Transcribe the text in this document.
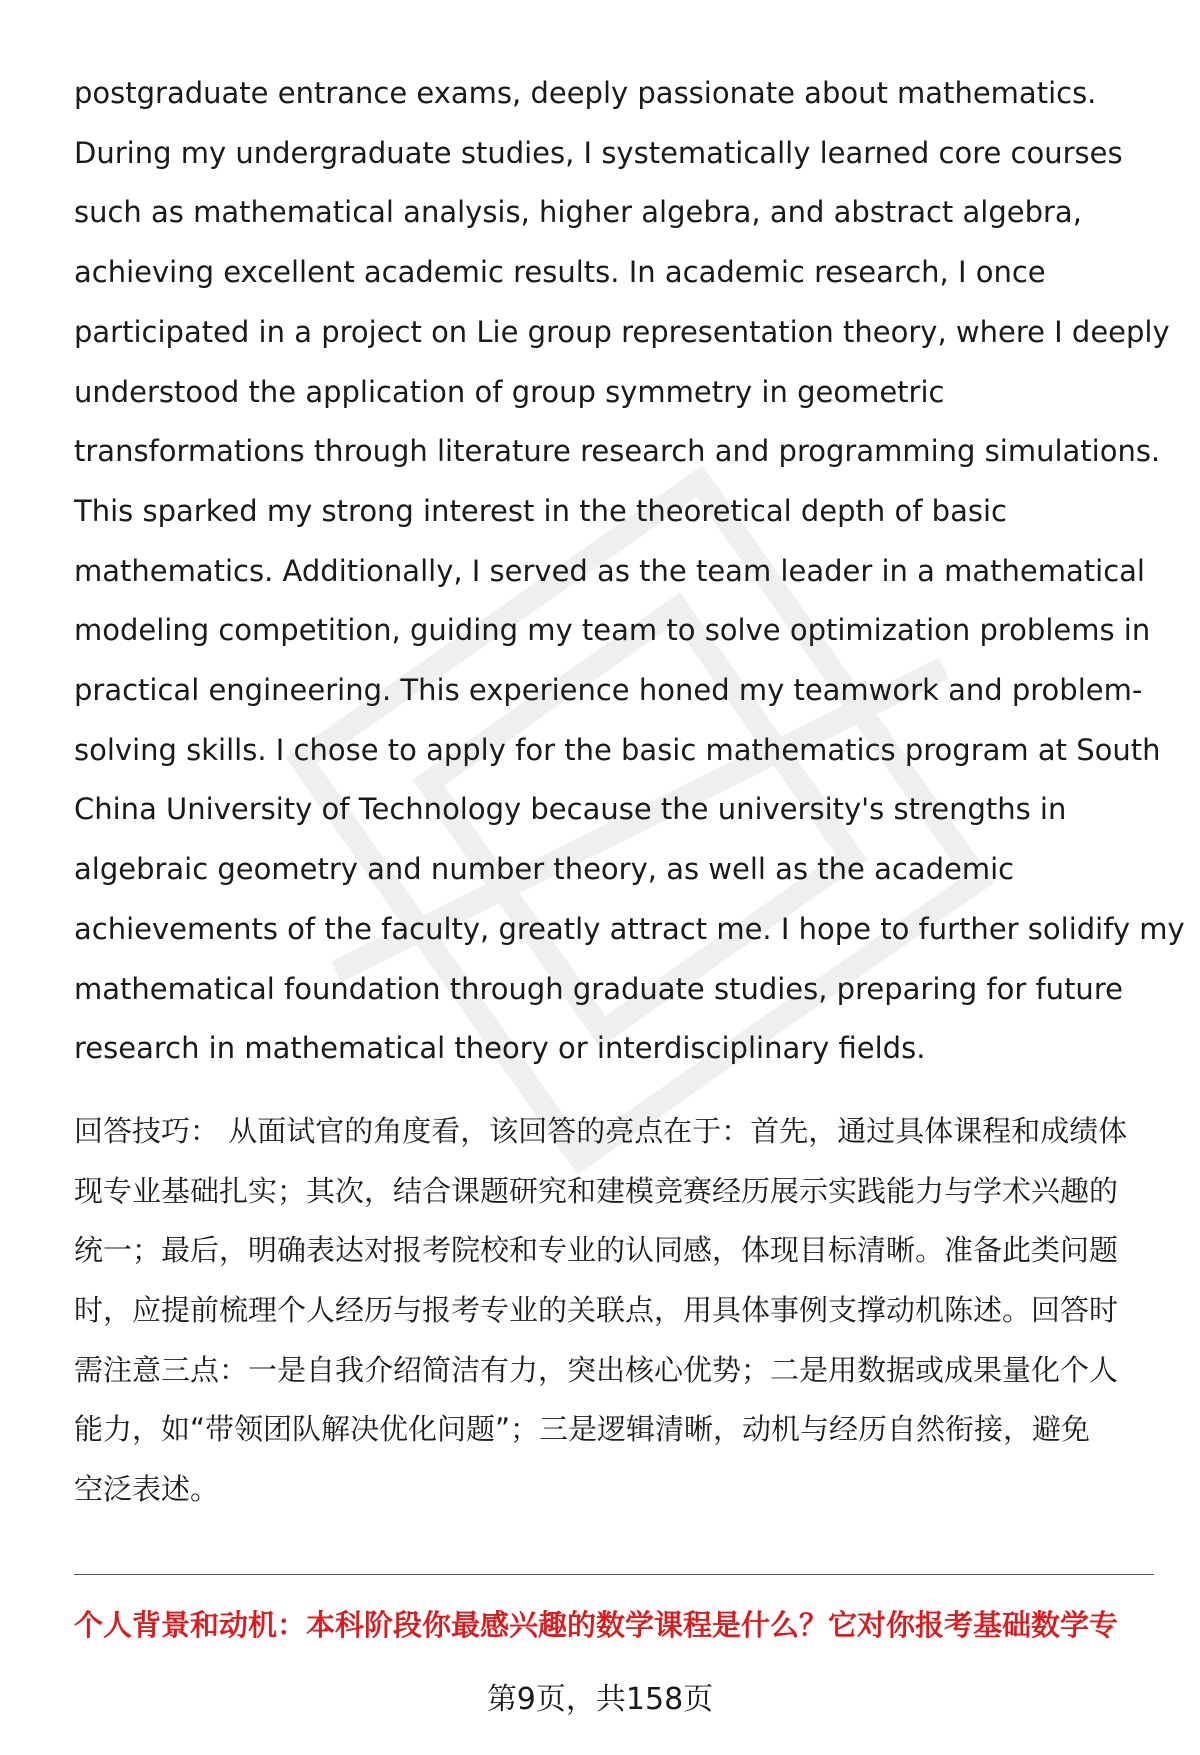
postgraduate entrance exams, deeply passionate about mathematics.
During my undergraduate studies, I systematically learned core courses
such as mathematical analysis, higher algebra, and abstract algebra,
achieving excellent academic results. In academic research, I once
participated in a project on Lie group representation theory, where I deeply
understood the application of group symmetry in geometric
transformations through literature research and programming simulations.
This sparked my strong interest in the theoretical depth of basic
mathematics. Additionally, I served as the team leader in a mathematical
modeling competition, guiding my team to solve optimization problems in
practical engineering. This experience honed my teamwork and problem-
solving skills. I chose to apply for the basic mathematics program at South
China University of Technology because the university's strengths in
algebraic geometry and number theory, as well as the academic
achievements of the faculty, greatly attract me. I hope to further solidify my
mathematical foundation through graduate studies, preparing for future
research in mathematical theory or interdisciplinary fields.
回答技巧： 从面试官的角度看，该回答的亮点在于：首先，通过具体课程和成绩体
现专业基础扎实；其次，结合课题研究和建模竞赛经历展示实践能力与学术兴趣的
统一；最后，明确表达对报考院校和专业的认同感，体现目标清晰。准备此类问题
时，应提前梳理个人经历与报考专业的关联点，用具体事例支撑动机陈述。回答时
需注意三点：一是自我介绍简洁有力，突出核心优势；二是用数据或成果量化个人
能力，如“带领团队解决优化问题”；三是逻辑清晰，动机与经历自然衔接，避免
空泛表述。
个人背景和动机：本科阶段你最感兴趣的数学课程是什么？它对你报考基础数学专
第9页，共158页
